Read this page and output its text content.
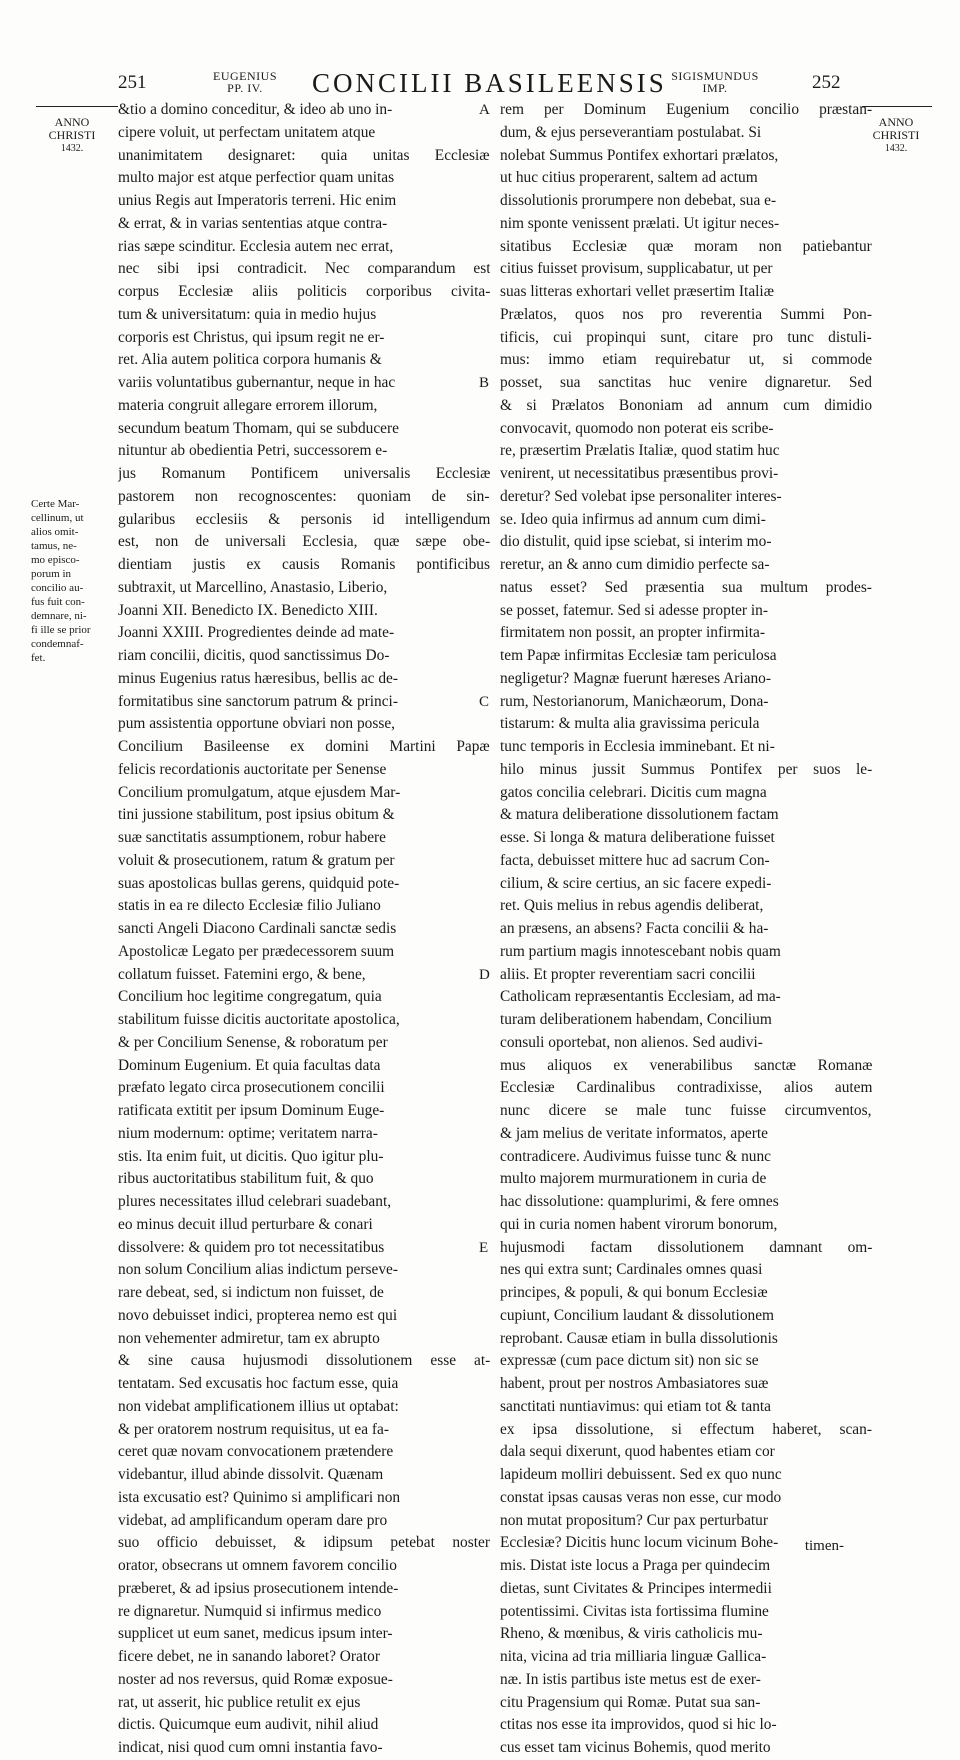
251	EUGENIUS
PP. IV.	CONCILII BASILEENSIS SIGISMUNDUS
IMP.	252
ANNO
CHRISTI
1432.
ANNO
CHRISTI
1432.
Certe Mar-
cellinum, ut
alios omit-
tamus, ne-
mo episco-
porum in
concilio au-
fus fuit con-
demnare, ni-
fi ille se prior
condemnaf-
fet.
A
B
C
D
E
&tio a domino conceditur, & ideo ab uno in-
cipere voluit, ut perfectam unitatem atque
unanimitatem designaret: quia unitas Ecclesiæ
multo major est atque perfectior quam unitas
unius Regis aut Imperatoris terreni. Hic enim
& errat, & in varias sententias atque contra-
rias sæpe scinditur. Ecclesia autem nec errat,
nec sibi ipsi contradicit. Nec comparandum est
corpus Ecclesiæ aliis politicis corporibus civita-
tum & universitatum: quia in medio hujus
corporis est Christus, qui ipsum regit ne er-
ret. Alia autem politica corpora humanis &
variis voluntatibus gubernantur, neque in hac
materia congruit allegare errorem illorum,
secundum beatum Thomam, qui se subducere
nituntur ab obedientia Petri, successorem e-
jus Romanum Pontificem universalis Ecclesiæ
pastorem non recognoscentes: quoniam de sin-
gularibus ecclesiis & personis id intelligendum
est, non de universali Ecclesia, quæ sæpe obe-
dientiam justis ex causis Romanis pontificibus
subtraxit, ut Marcellino, Anastasio, Liberio,
Joanni XII. Benedicto IX. Benedicto XIII.
Joanni XXIII. Progredientes deinde ad mate-
riam concilii, dicitis, quod sanctissimus Do-
minus Eugenius ratus hæresibus, bellis ac de-
formitatibus sine sanctorum patrum & princi-
pum assistentia opportune obviari non posse,
Concilium Basileense ex domini Martini Papæ
felicis recordationis auctoritate per Senense
Concilium promulgatum, atque ejusdem Mar-
tini jussione stabilitum, post ipsius obitum &
suæ sanctitatis assumptionem, robur habere
voluit & prosecutionem, ratum & gratum per
suas apostolicas bullas gerens, quidquid pote-
statis in ea re dilecto Ecclesiæ filio Juliano
sancti Angeli Diacono Cardinali sanctæ sedis
Apostolicæ Legato per prædecessorem suum
collatum fuisset. Fatemini ergo, & bene,
Concilium hoc legitime congregatum, quia
stabilitum fuisse dicitis auctoritate apostolica,
& per Concilium Senense, & roboratum per
Dominum Eugenium. Et quia facultas data
præfato legato circa prosecutionem concilii
ratificata extitit per ipsum Dominum Euge-
nium modernum: optime; veritatem narra-
stis. Ita enim fuit, ut dicitis. Quo igitur plu-
ribus auctoritatibus stabilitum fuit, & quo
plures necessitates illud celebrari suadebant,
eo minus decuit illud perturbare & conari
dissolvere: & quidem pro tot necessitatibus
non solum Concilium alias indictum perseve-
rare debeat, sed, si indictum non fuisset, de
novo debuisset indici, propterea nemo est qui
non vehementer admiretur, tam ex abrupto
& sine causa hujusmodi dissolutionem esse at-
tentatam. Sed excusatis hoc factum esse, quia
non videbat amplificationem illius ut optabat:
& per oratorem nostrum requisitus, ut ea fa-
ceret quæ novam convocationem prætendere
videbantur, illud abinde dissolvit. Quænam
ista excusatio est? Quinimo si amplificari non
videbat, ad amplificandum operam dare pro
suo officio debuisset, & idipsum petebat noster
orator, obsecrans ut omnem favorem concilio
præberet, & ad ipsius prosecutionem intende-
re dignaretur. Numquid si infirmus medico
supplicet ut eum sanet, medicus ipsum inter-
ficere debet, ne in sanando laboret? Orator
noster ad nos reversus, quid Romæ exposue-
rat, ut asserit, hic publice retulit ex ejus
dictis. Quicumque eum audivit, nihil aliud
indicat, nisi quod cum omni instantia favo-
rem per Dominum Eugenium concilio præstan-
dum, & ejus perseverantiam postulabat. Si
nolebat Summus Pontifex exhortari prælatos,
ut huc citius properarent, saltem ad actum
dissolutionis prorumpere non debebat, sua e-
nim sponte venissent prælati. Ut igitur neces-
sitatibus Ecclesiæ quæ moram non patiebantur
citius fuisset provisum, supplicabatur, ut per
suas litteras exhortari vellet præsertim Italiæ
Prælatos, quos nos pro reverentia Summi Pon-
tificis, cui propinqui sunt, citare pro tunc distuli-
mus: immo etiam requirebatur ut, si commode
posset, sua sanctitas huc venire dignaretur. Sed
& si Prælatos Bononiam ad annum cum dimidio
convocavit, quomodo non poterat eis scribe-
re, præsertim Prælatis Italiæ, quod statim huc
venirent, ut necessitatibus præsentibus provi-
deretur? Sed volebat ipse personaliter interes-
se. Ideo quia infirmus ad annum cum dimi-
dio distulit, quid ipse sciebat, si interim mo-
reretur, an & anno cum dimidio perfecte sa-
natus esset? Sed præsentia sua multum prodes-
se posset, fatemur. Sed si adesse propter in-
firmitatem non possit, an propter infirmita-
tem Papæ infirmitas Ecclesiæ tam periculosa
negligetur? Magnæ fuerunt hæreses Ariano-
rum, Nestorianorum, Manichæorum, Dona-
tistarum: & multa alia gravissima pericula
tunc temporis in Ecclesia imminebant. Et ni-
hilo minus jussit Summus Pontifex per suos le-
gatos concilia celebrari. Dicitis cum magna
& matura deliberatione dissolutionem factam
esse. Si longa & matura deliberatione fuisset
facta, debuisset mittere huc ad sacrum Con-
cilium, & scire certius, an sic facere expedi-
ret. Quis melius in rebus agendis deliberat,
an præsens, an absens? Facta concilii & ha-
rum partium magis innotescebant nobis quam
aliis. Et propter reverentiam sacri concilii
Catholicam repræsentantis Ecclesiam, ad ma-
turam deliberationem habendam, Concilium
consuli oportebat, non alienos. Sed audivi-
mus aliquos ex venerabilibus sanctæ Romanæ
Ecclesiæ Cardinalibus contradixisse, alios autem
nunc dicere se male tunc fuisse circumventos,
& jam melius de veritate informatos, aperte
contradicere. Audivimus fuisse tunc & nunc
multo majorem murmurationem in curia de
hac dissolutione: quamplurimi, & fere omnes
qui in curia nomen habent virorum bonorum,
hujusmodi factam dissolutionem damnant om-
nes qui extra sunt; Cardinales omnes quasi
principes, & populi, & qui bonum Ecclesiæ
cupiunt, Concilium laudant & dissolutionem
reprobant. Causæ etiam in bulla dissolutionis
expressæ (cum pace dictum sit) non sic se
habent, prout per nostros Ambasiatores suæ
sanctitati nuntiavimus: qui etiam tot & tanta
ex ipsa dissolutione, si effectum haberet, scan-
dala sequi dixerunt, quod habentes etiam cor
lapideum molliri debuissent. Sed ex quo nunc
constat ipsas causas veras non esse, cur modo
non mutat propositum? Cur pax perturbatur
Ecclesiæ? Dicitis hunc locum vicinum Bohe-
mis. Distat iste locus a Praga per quindecim
dietas, sunt Civitates & Principes intermedii
potentissimi. Civitas ista fortissima flumine
Rheno, & mœnibus, & viris catholicis mu-
nita, vicina ad tria milliaria linguæ Gallica-
næ. In istis partibus iste metus est de exer-
citu Pragensium qui Romæ. Putat sua san-
ctitas nos esse ita improvidos, quod si hic lo-
cus esset tam vicinus Bohemis, quod merito
timen-
